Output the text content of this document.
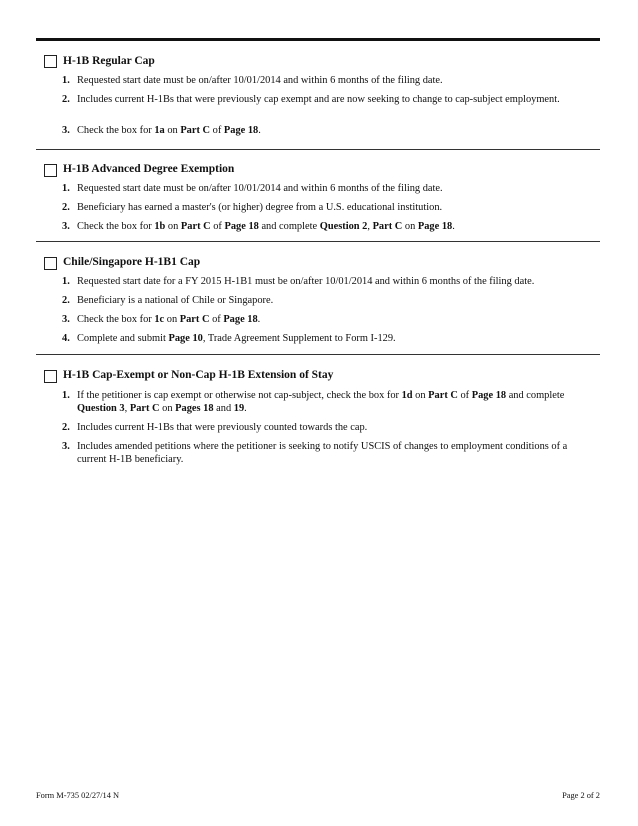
H-1B Regular Cap
1. Requested start date must be on/after 10/01/2014 and within 6 months of the filing date.
2. Includes current H-1Bs that were previously cap exempt and are now seeking to change to cap-subject employment.
3. Check the box for 1a on Part C of Page 18.
H-1B Advanced Degree Exemption
1. Requested start date must be on/after 10/01/2014 and within 6 months of the filing date.
2. Beneficiary has earned a master's (or higher) degree from a U.S. educational institution.
3. Check the box for 1b on Part C of Page 18 and complete Question 2, Part C on Page 18.
Chile/Singapore H-1B1 Cap
1. Requested start date for a FY 2015 H-1B1 must be on/after 10/01/2014 and within 6 months of the filing date.
2. Beneficiary is a national of Chile or Singapore.
3. Check the box for 1c on Part C of Page 18.
4. Complete and submit Page 10, Trade Agreement Supplement to Form I-129.
H-1B Cap-Exempt or Non-Cap H-1B Extension of Stay
1. If the petitioner is cap exempt or otherwise not cap-subject, check the box for 1d on Part C of Page 18 and complete Question 3, Part C on Pages 18 and 19.
2. Includes current H-1Bs that were previously counted towards the cap.
3. Includes amended petitions where the petitioner is seeking to notify USCIS of changes to employment conditions of a current H-1B beneficiary.
Form M-735 02/27/14 N	Page 2 of 2
